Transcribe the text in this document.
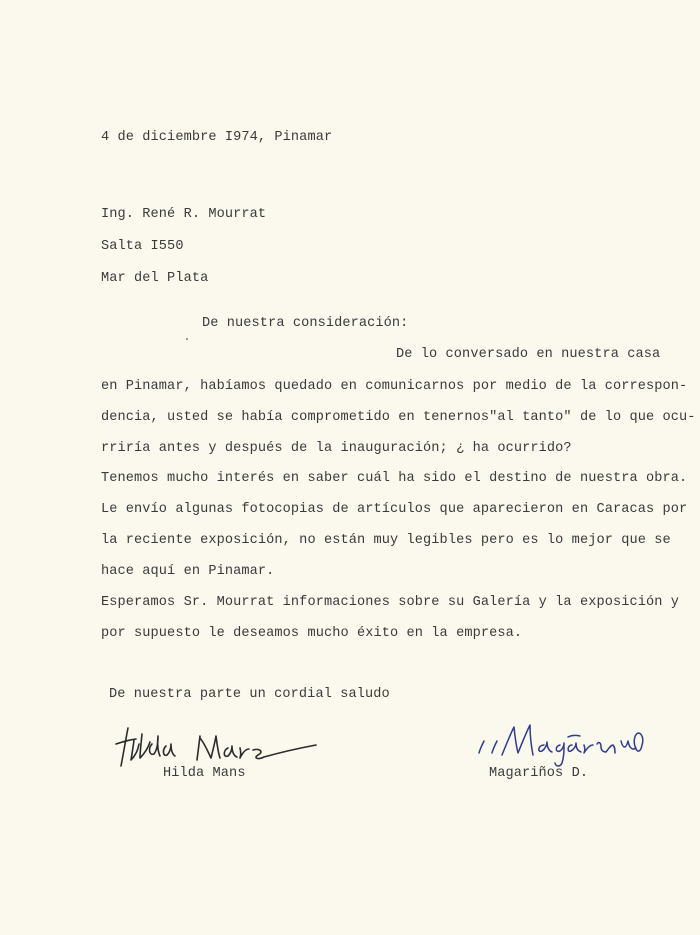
4 de diciembre I974, Pinamar
Ing. René R. Mourrat
Salta I550
Mar del Plata
De nuestra consideración:
De lo conversado en nuestra casa
en Pinamar, habíamos quedado en comunicarnos por medio de la correspon-
dencia, usted se había comprometido en tenernos"al tanto" de lo que ocu-
rriría antes y después de la inauguración; ¿ ha ocurrido?
Tenemos mucho interés en saber cuál ha sido el destino de nuestra obra.
Le envío algunas fotocopias de artículos que aparecieron en Caracas por
la reciente exposición, no están muy legibles pero es lo mejor que se
hace aquí en Pinamar.
Esperamos Sr. Mourrat informaciones sobre su Galería y la exposición y
por supuesto le deseamos mucho éxito en la empresa.
De nuestra parte un cordial saludo
Hilda Mans	Magariños D.
